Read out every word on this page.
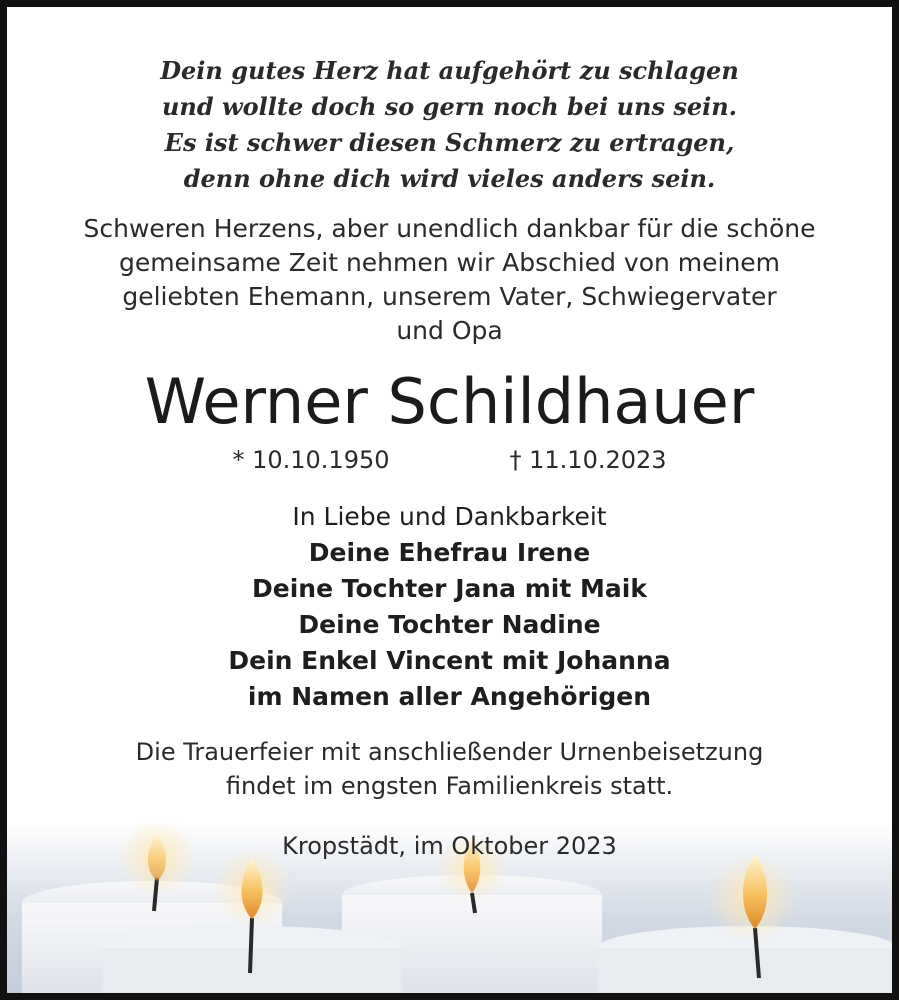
Dein gutes Herz hat aufgehört zu schlagen
und wollte doch so gern noch bei uns sein.
Es ist schwer diesen Schmerz zu ertragen,
denn ohne dich wird vieles anders sein.
Schweren Herzens, aber unendlich dankbar für die schöne
gemeinsame Zeit nehmen wir Abschied von meinem
geliebten Ehemann, unserem Vater, Schwiegervater
und Opa
Werner Schildhauer
* 10.10.1950	† 11.10.2023
In Liebe und Dankbarkeit
Deine Ehefrau Irene
Deine Tochter Jana mit Maik
Deine Tochter Nadine
Dein Enkel Vincent mit Johanna
im Namen aller Angehörigen
Die Trauerfeier mit anschließender Urnenbeisetzung
findet im engsten Familienkreis statt.
Kropstädt, im Oktober 2023
